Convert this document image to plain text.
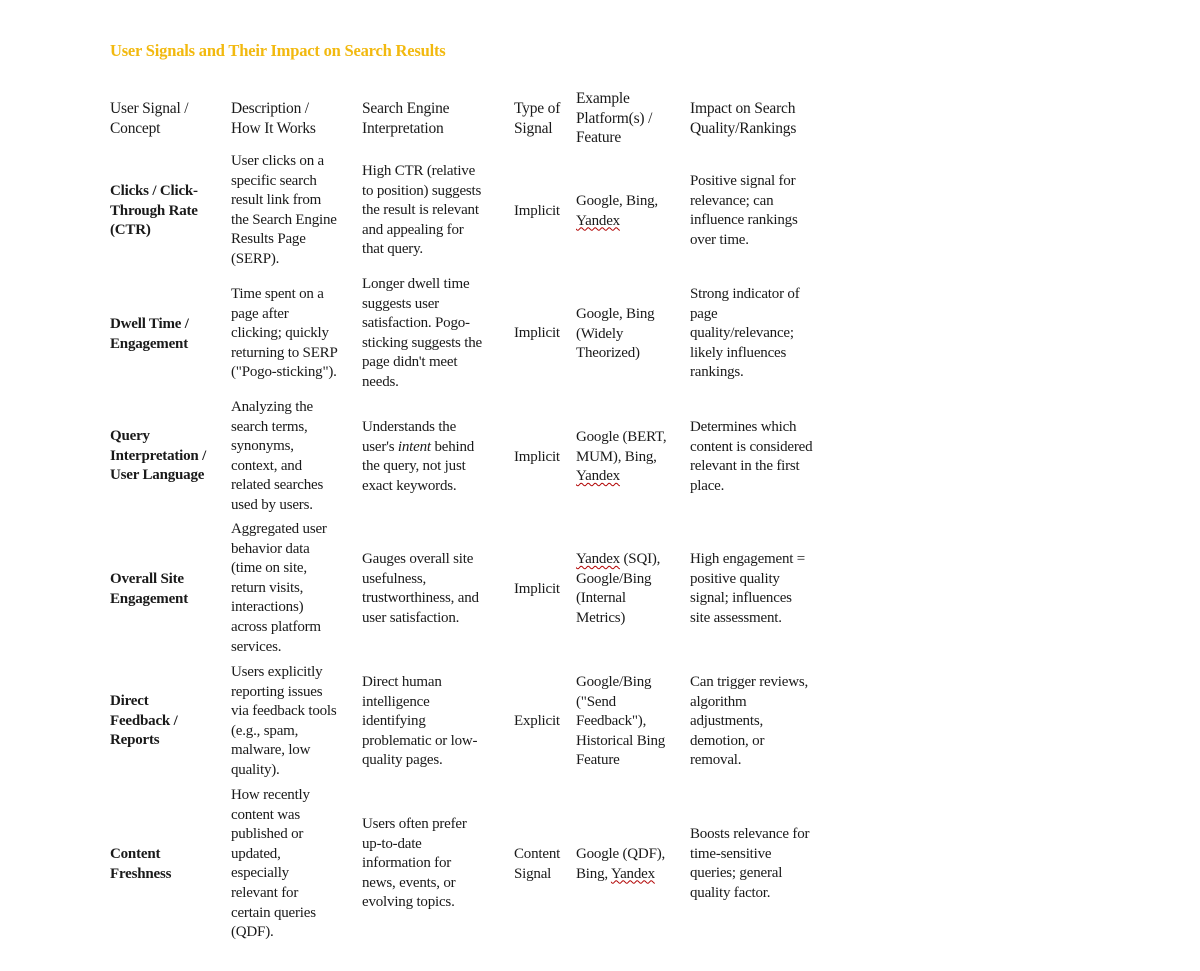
User Signals and Their Impact on Search Results
User Signal /
Concept
Description /
How It Works
Search Engine
Interpretation
Type of
Signal
Example
Platform(s) /
Feature
Impact on Search
Quality/Rankings
Clicks / Click-
Through Rate
(CTR)
User clicks on a
specific search
result link from
the Search Engine
Results Page
(SERP).
High CTR (relative
to position) suggests
the result is relevant
and appealing for
that query.
Implicit
Google, Bing,
Yandex
Positive signal for
relevance; can
influence rankings
over time.
Dwell Time /
Engagement
Time spent on a
page after
clicking; quickly
returning to SERP
("Pogo-sticking").
Longer dwell time
suggests user
satisfaction. Pogo-
sticking suggests the
page didn't meet
needs.
Implicit
Google, Bing
(Widely
Theorized)
Strong indicator of
page
quality/relevance;
likely influences
rankings.
Query
Interpretation /
User Language
Analyzing the
search terms,
synonyms,
context, and
related searches
used by users.
Understands the
user's intent behind
the query, not just
exact keywords.
Implicit
Google (BERT,
MUM), Bing,
Yandex
Determines which
content is considered
relevant in the first
place.
Overall Site
Engagement
Aggregated user
behavior data
(time on site,
return visits,
interactions)
across platform
services.
Gauges overall site
usefulness,
trustworthiness, and
user satisfaction.
Implicit
Yandex (SQI),
Google/Bing
(Internal
Metrics)
High engagement =
positive quality
signal; influences
site assessment.
Direct
Feedback /
Reports
Users explicitly
reporting issues
via feedback tools
(e.g., spam,
malware, low
quality).
Direct human
intelligence
identifying
problematic or low-
quality pages.
Explicit
Google/Bing
("Send
Feedback"),
Historical Bing
Feature
Can trigger reviews,
algorithm
adjustments,
demotion, or
removal.
Content
Freshness
How recently
content was
published or
updated,
especially
relevant for
certain queries
(QDF).
Users often prefer
up-to-date
information for
news, events, or
evolving topics.
Content
Signal
Google (QDF),
Bing, Yandex
Boosts relevance for
time-sensitive
queries; general
quality factor.
